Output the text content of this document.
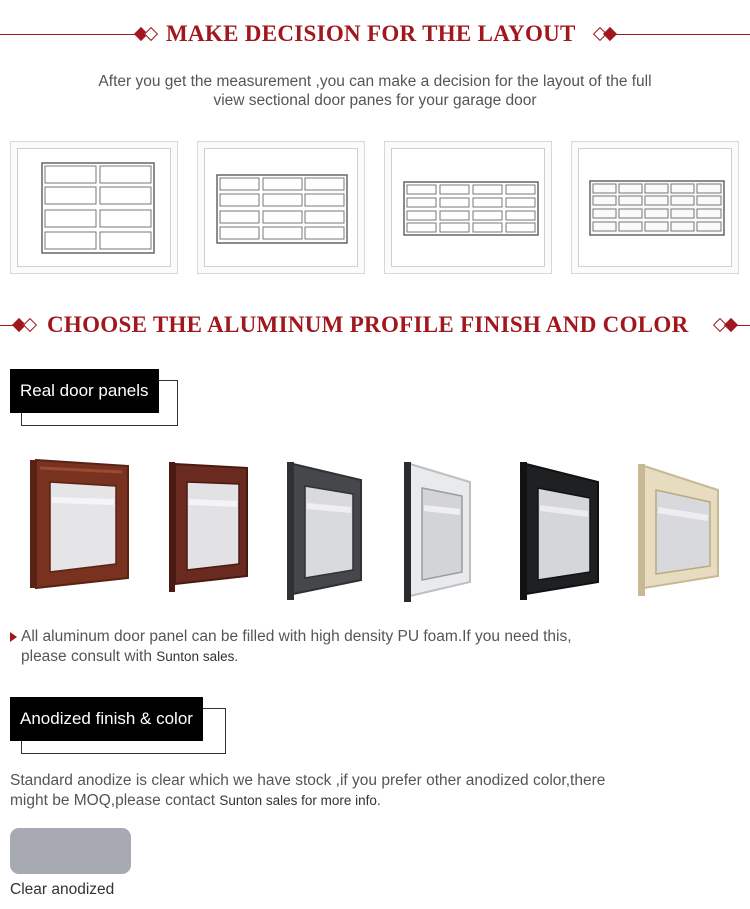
MAKE DECISION FOR THE LAYOUT
After you get the measurement ,you can make a decision for the layout of the full
view sectional door panes for your garage door
CHOOSE THE ALUMINUM PROFILE FINISH AND COLOR
Real door panels
All aluminum door panel can be filled with high density PU foam.If you need this,
please consult with Sunton sales.
Anodized finish & color
Standard anodize is clear which we have stock ,if you prefer other anodized color,there
might be MOQ,please contact Sunton sales for more info.
Clear anodized
